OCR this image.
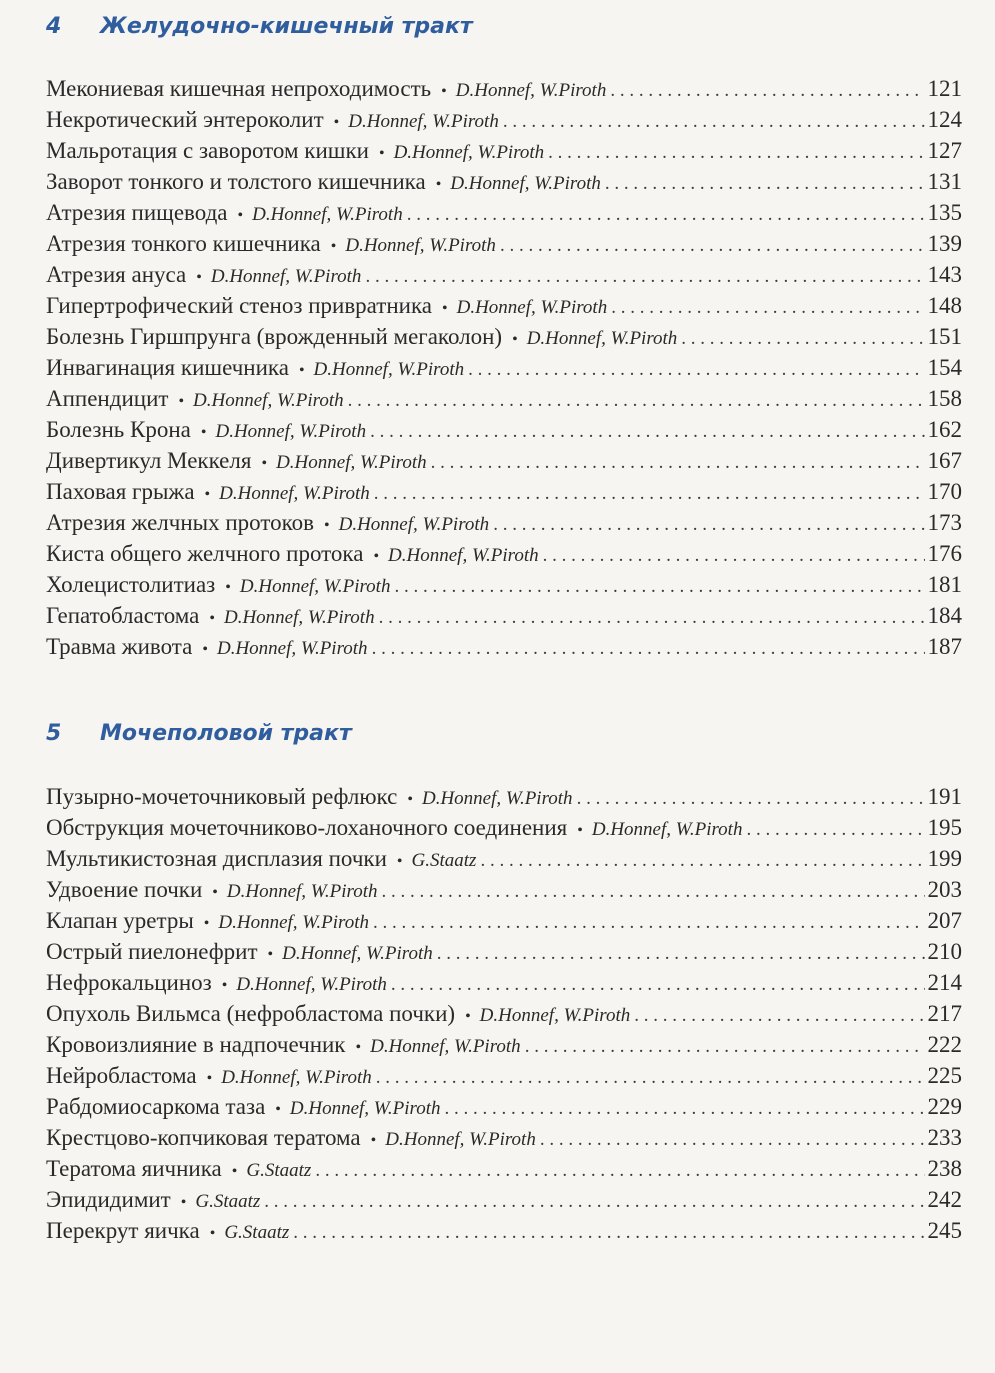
4 Желудочно-кишечный тракт
Мекониевая кишечная непроходимость • D.Honnef, W.Piroth . . .	121
Некротический энтероколит • D.Honnef, W.Piroth . . .	124
Мальротация с заворотом кишки • D.Honnef, W.Piroth . . .	127
Заворот тонкого и толстого кишечника • D.Honnef, W.Piroth . . .	131
Атрезия пищевода • D.Honnef, W.Piroth . . .	135
Атрезия тонкого кишечника • D.Honnef, W.Piroth . . .	139
Атрезия ануса • D.Honnef, W.Piroth . . .	143
Гипертрофический стеноз привратника • D.Honnef, W.Piroth . . .	148
Болезнь Гиршпрунга (врожденный мегаколон) • D.Honnef, W.Piroth . . .	151
Инвагинация кишечника • D.Honnef, W.Piroth . . .	154
Аппендицит • D.Honnef, W.Piroth . . .	158
Болезнь Крона • D.Honnef, W.Piroth . . .	162
Дивертикул Меккеля • D.Honnef, W.Piroth . . .	167
Паховая грыжа • D.Honnef, W.Piroth . . .	170
Атрезия желчных протоков • D.Honnef, W.Piroth . . .	173
Киста общего желчного протока • D.Honnef, W.Piroth . . .	176
Холецистолитиаз • D.Honnef, W.Piroth . . .	181
Гепатобластома • D.Honnef, W.Piroth . . .	184
Травма живота • D.Honnef, W.Piroth . . .	187
5 Мочеполовой тракт
Пузырно-мочеточниковый рефлюкс • D.Honnef, W.Piroth . . .	191
Обструкция мочеточниково-лоханочного соединения • D.Honnef, W.Piroth . . .	195
Мультикистозная дисплазия почки • G.Staatz . . .	199
Удвоение почки • D.Honnef, W.Piroth . . .	203
Клапан уретры • D.Honnef, W.Piroth . . .	207
Острый пиелонефрит • D.Honnef, W.Piroth . . .	210
Нефрокальциноз • D.Honnef, W.Piroth . . .	214
Опухоль Вильмса (нефробластома почки) • D.Honnef, W.Piroth . . .	217
Кровоизлияние в надпочечник • D.Honnef, W.Piroth . . .	222
Нейробластома • D.Honnef, W.Piroth . . .	225
Рабдомиосаркома таза • D.Honnef, W.Piroth . . .	229
Крестцово-копчиковая тератома • D.Honnef, W.Piroth . . .	233
Тератома яичника • G.Staatz . . .	238
Эпидидимит • G.Staatz . . .	242
Перекрут яичка • G.Staatz . . .	245
